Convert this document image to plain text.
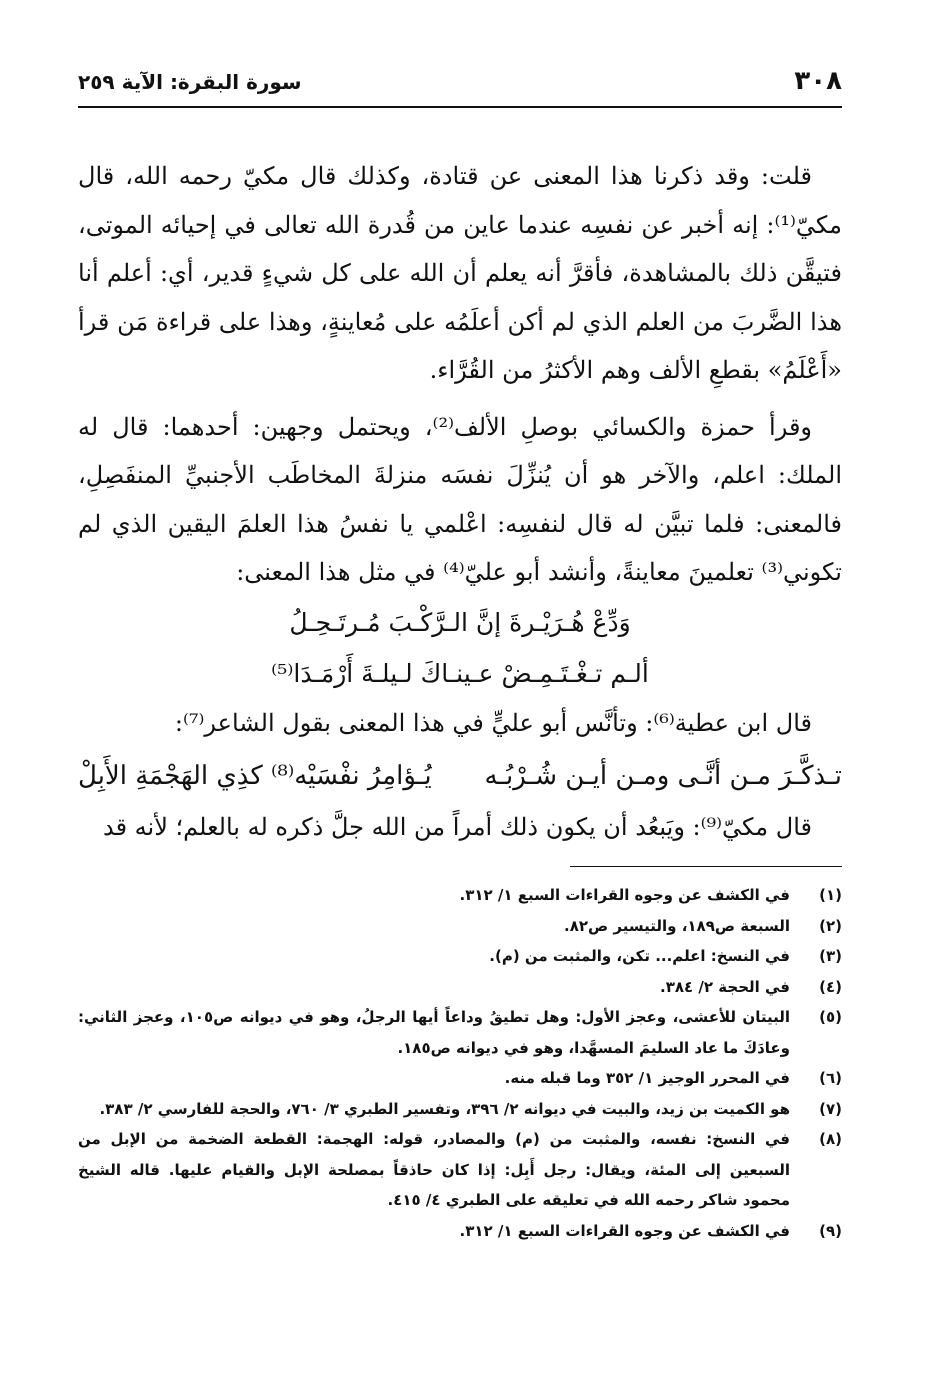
٣٠٨
سورة البقرة: الآية ٢٥٩

قلت: وقد ذكرنا هذا المعنى عن قتادة، وكذلك قال مكيّ رحمه الله، قال مكيّ⁽¹⁾: إنه أخبر عن نفسِه عندما عاين من قُدرة الله تعالى في إحيائه الموتى، فتيقَّن ذلك بالمشاهدة، فأقرَّ أنه يعلم أن الله على كل شيءٍ قدير، أي: أعلم أنا هذا الضَّربَ من العلم الذي لم أكن أعلَمُه على مُعاينةٍ، وهذا على قراءة مَن قرأ «أَعْلَمُ» بقطعِ الألف وهم الأكثرُ من القُرَّاء.

وقرأ حمزة والكسائي بوصلِ الألف⁽²⁾، ويحتمل وجهين: أحدهما: قال له الملك: اعلم، والآخر هو أن يُنزِّلَ نفسَه منزلةَ المخاطَب الأجنبيِّ المنفَصِلِ، فالمعنى: فلما تبيَّن له قال لنفسِه: اعْلمي يا نفسُ هذا العلمَ اليقين الذي لم تكوني⁽³⁾ تعلمينَ معاينةً، وأنشد أبو عليّ⁽⁴⁾ في مثل هذا المعنى:

وَدِّعْ هُـرَيْـرةَ إنَّ الـرَّكْـبَ مُـرتَـحِـلُ

ألـم تـغْـتَـمِـضْ عـينـاكَ لـيلـةَ أَرْمَـدَا⁽⁵⁾

قال ابن عطية⁽⁶⁾: وتأنَّس أبو عليٍّ في هذا المعنى بقول الشاعر⁽⁷⁾:

تـذكَّـرَ مـن أنَّـى ومـن أيـن شُـرْبُـه
يُـؤامِرُ نفْسَيْه⁽⁸⁾ كذِي الهَجْمَةِ الأَبِلْ

قال مكيّ⁽⁹⁾: ويَبعُد أن يكون ذلك أمراً من الله جلَّ ذكره له بالعلم؛ لأنه قد

(١)
في الكشف عن وجوه القراءات السبع ١/ ٣١٢.
(٢)
السبعة ص١٨٩، والتيسير ص٨٢.
(٣)
في النسخ: اعلم... تكن، والمثبت من (م).
(٤)
في الحجة ٢/ ٣٨٤.
(٥)
البيتان للأعشى، وعجز الأول: وهل تطيقُ وداعاً أيها الرجلُ، وهو في ديوانه ص١٠٥، وعجز الثاني: وعادَكَ ما عاد السليمَ المسهَّدا، وهو في ديوانه ص١٨٥.
(٦)
في المحرر الوجيز ١/ ٣٥٢ وما قبله منه.
(٧)
هو الكميت بن زيد، والبيت في ديوانه ٢/ ٣٩٦، وتفسير الطبري ٣/ ٧٦٠، والحجة للفارسي ٢/ ٣٨٣.
(٨)
في النسخ: نفسه، والمثبت من (م) والمصادر، قوله: الهجمة: القطعة الضخمة من الإبل من السبعين إلى المئة، ويقال: رجل أَبِل: إذا كان حاذقاً بمصلحة الإبل والقيام عليها. قاله الشيخ محمود شاكر رحمه الله في تعليقه على الطبري ٤/ ٤١٥.
(٩)
في الكشف عن وجوه القراءات السبع ١/ ٣١٢.
